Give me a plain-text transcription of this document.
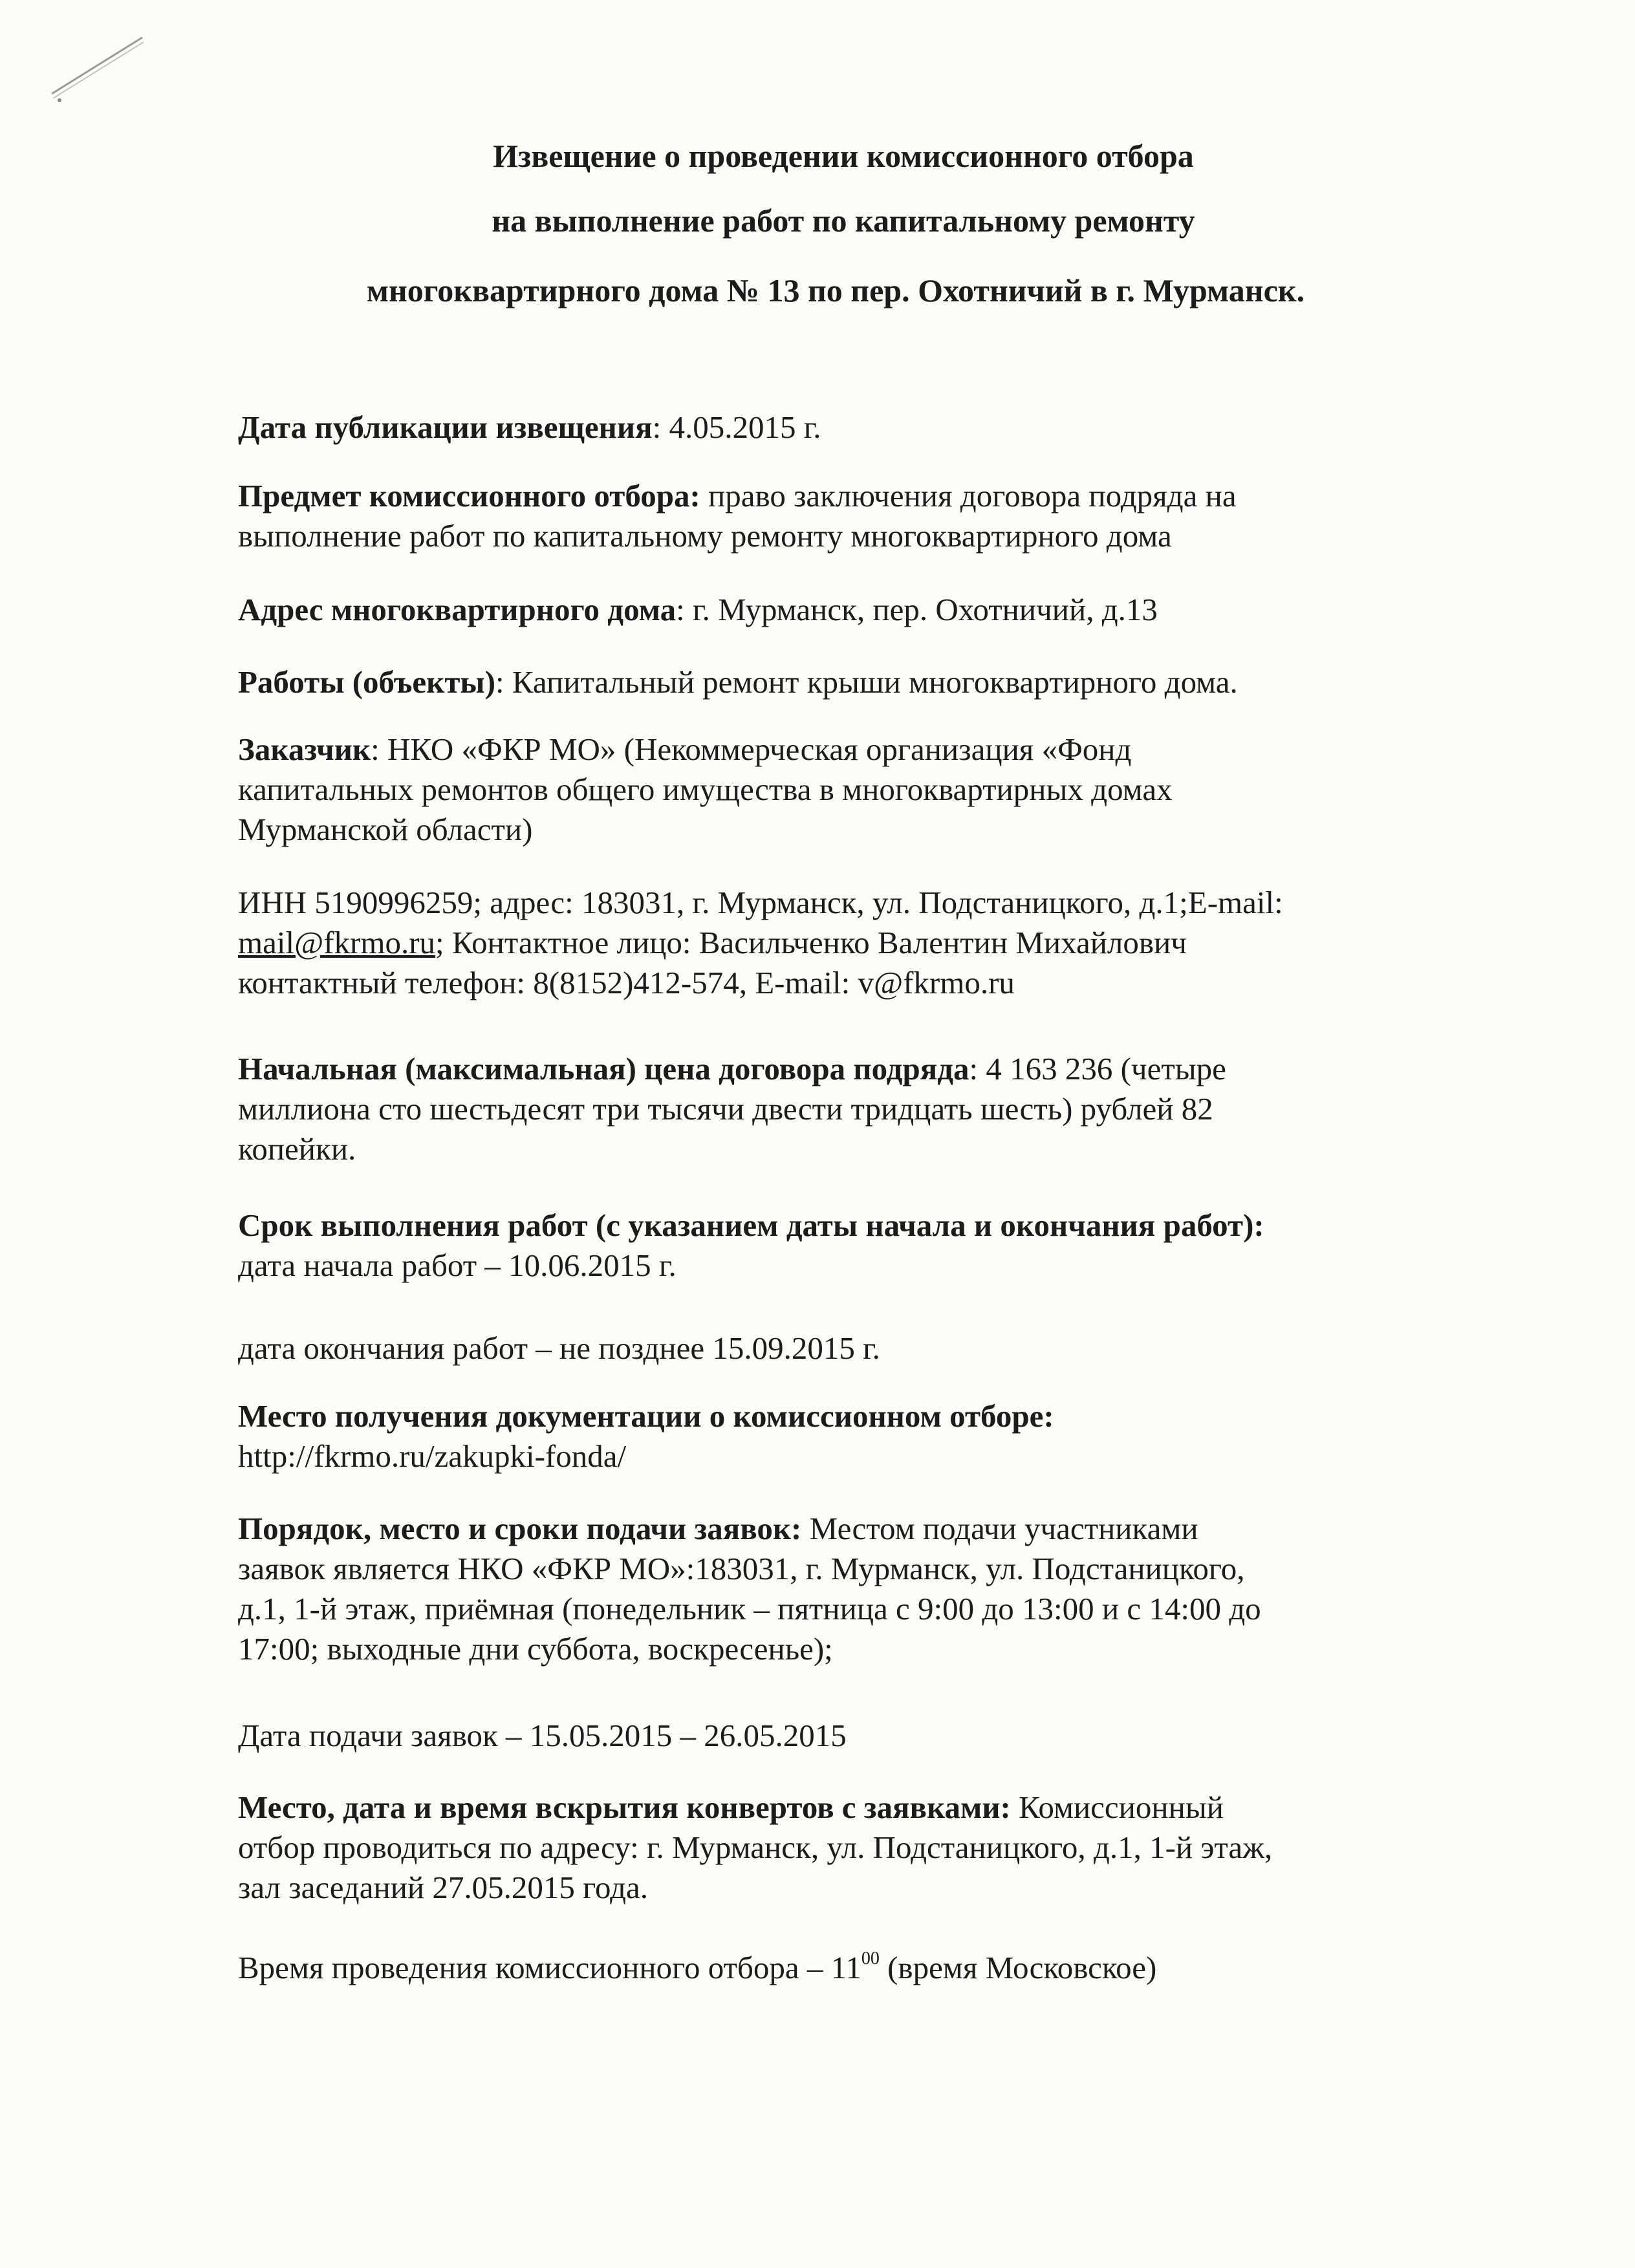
Извещение о проведении комиссионного отбора
на выполнение работ по капитальному ремонту
многоквартирного дома № 13 по пер. Охотничий в г. Мурманск.
Дата публикации извещения: 4.05.2015 г.
Предмет комиссионного отбора: право заключения договора подряда на
выполнение работ по капитальному ремонту многоквартирного дома
Адрес многоквартирного дома: г. Мурманск, пер. Охотничий, д.13
Работы (объекты): Капитальный ремонт крыши многоквартирного дома.
Заказчик: НКО «ФКР МО» (Некоммерческая организация «Фонд
капитальных ремонтов общего имущества в многоквартирных домах
Мурманской области)
ИНН 5190996259; адрес: 183031, г. Мурманск, ул. Подстаницкого, д.1;E-mail:
mail@fkrmo.ru; Контактное лицо: Васильченко Валентин Михайлович
контактный телефон: 8(8152)412-574, E-mail: v@fkrmo.ru
Начальная (максимальная) цена договора подряда: 4 163 236 (четыре
миллиона сто шестьдесят три тысячи двести тридцать шесть) рублей 82
копейки.
Срок выполнения работ (с указанием даты начала и окончания работ):
дата начала работ – 10.06.2015 г.
дата окончания работ – не позднее 15.09.2015 г.
Место получения документации о комиссионном отборе:
http://fkrmo.ru/zakupki-fonda/
Порядок, место и сроки подачи заявок: Местом подачи участниками
заявок является НКО «ФКР МО»:183031, г. Мурманск, ул. Подстаницкого,
д.1, 1-й этаж, приёмная (понедельник – пятница с 9:00 до 13:00 и с 14:00 до
17:00; выходные дни суббота, воскресенье);
Дата подачи заявок – 15.05.2015 – 26.05.2015
Место, дата и время вскрытия конвертов с заявками: Комиссионный
отбор проводиться по адресу: г. Мурманск, ул. Подстаницкого, д.1, 1-й этаж,
зал заседаний 27.05.2015 года.
Время проведения комиссионного отбора – $11^{00}$ (время Московское)
